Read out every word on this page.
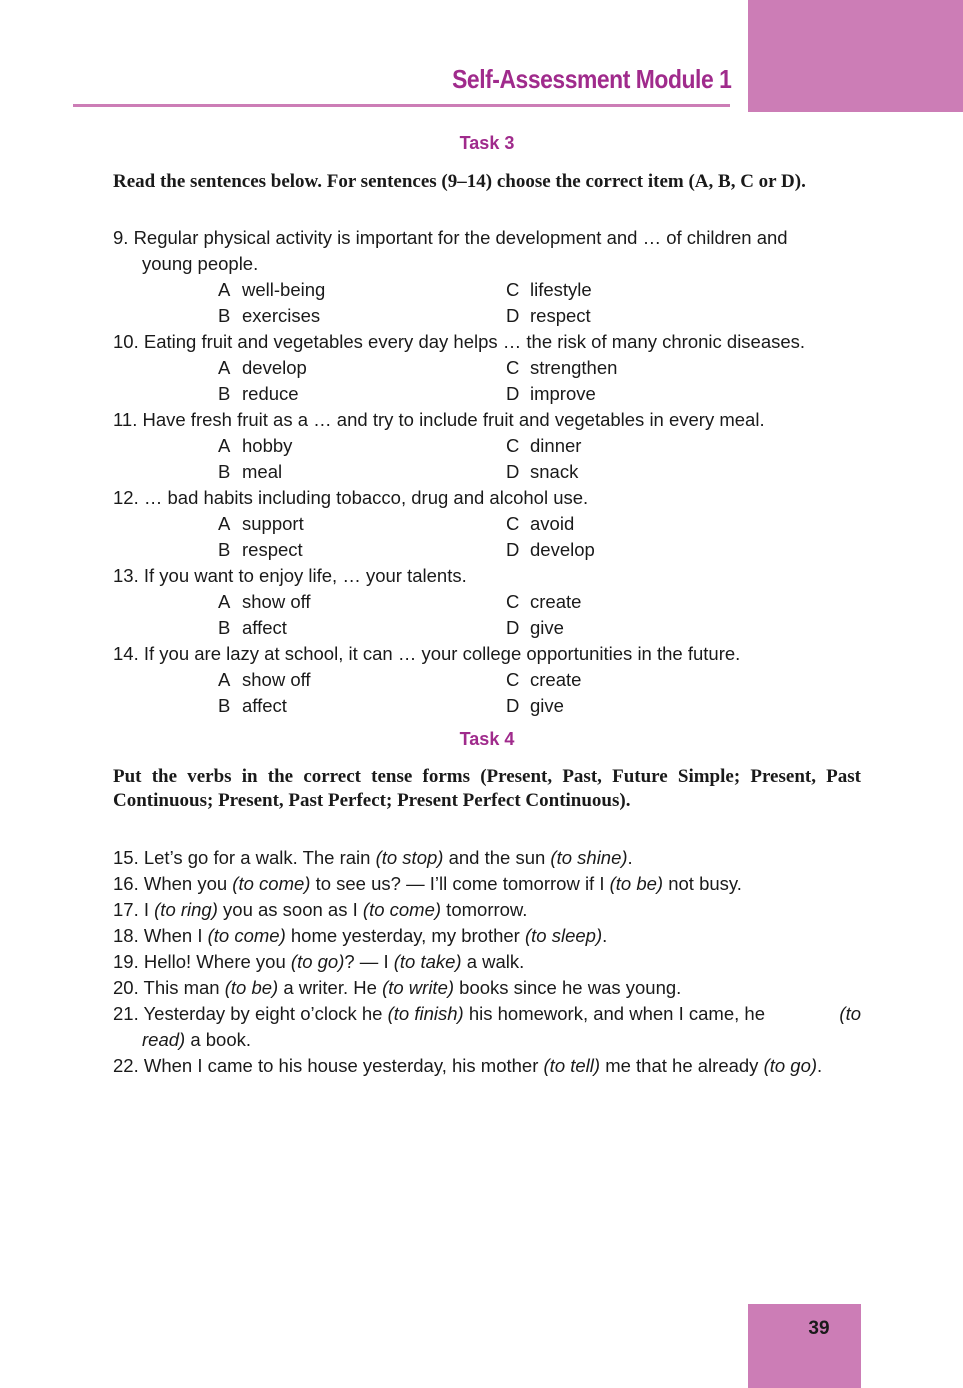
Self-Assessment Module 1
Task 3
Read the sentences below. For sentences (9–14) choose the correct item (A, B, C or D).
9. Regular physical activity is important for the development and … of children and
young people.
A well-being	C lifestyle
B exercises	D respect
10. Eating fruit and vegetables every day helps … the risk of many chronic diseases.
A develop	C strengthen
B reduce	D improve
11. Have fresh fruit as a … and try to include fruit and vegetables in every meal.
A hobby	C dinner
B meal	D snack
12. … bad habits including tobacco, drug and alcohol use.
A support	C avoid
B respect	D develop
13. If you want to enjoy life, … your talents.
A show off	C create
B affect	D give
14. If you are lazy at school, it can … your college opportunities in the future.
A show off	C create
B affect	D give
Task 4
Put the verbs in the correct tense forms (Present, Past, Future Simple; Present, Past Continuous; Present, Past Perfect; Present Perfect Continuous).
15. Let’s go for a walk. The rain (to stop) and the sun (to shine).
16. When you (to come) to see us? — I’ll come tomorrow if I (to be) not busy.
17. I (to ring) you as soon as I (to come) tomorrow.
18. When I (to come) home yesterday, my brother (to sleep).
19. Hello! Where you (to go)? — I (to take) a walk.
20. This man (to be) a writer. He (to write) books since he was young.
21. Yesterday by eight o’clock he (to finish) his homework, and when I came, he	(to
read) a book.
22. When I came to his house yesterday, his mother (to tell) me that he already (to go).
39
